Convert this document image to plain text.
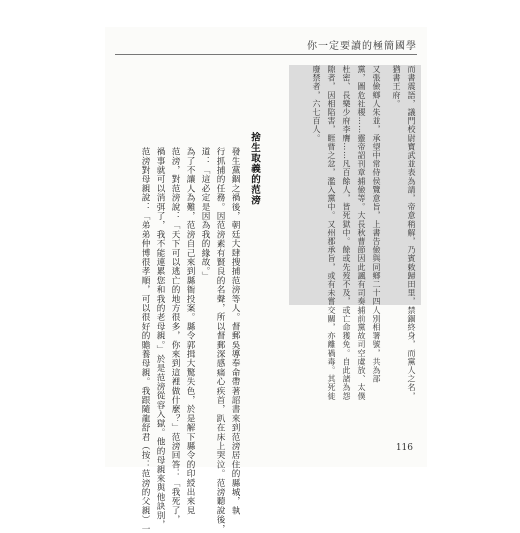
你一定要讀的極簡國學
而書震語，議門校尉寶武並表為請，帝意稍解，乃賓敕歸田里，禁錮終身，而黨人之名，
猶書王府。
又張儉鄉人朱並，承望中常侍侯覽意旨，上書告儉與同鄉二十四人別相署號，共為部
黨，圖危社稷……靈帝詔刊章捕儉等。大長秋曹節因此諷有司奏捕前黨故司空虞放、太僕
杜密、長樂少府李膺……凡百餘人，皆死獄中。餘或先歿不及，或亡命獲免。自此諸為怨
隙者，因相陷害，睚眥之忿，濫入黨中。又州郡承旨，或有未嘗交關，亦離禍毒。其死徙
廢禁者，六七百人。
捨生取義的范滂
發生黨錮之禍後，朝廷大肆搜捕范滂等人。督郵吳導奉命帶著詔書來到范滂居住的縣城，執
行抓捕的任務。因范滂素有賢良的名聲，所以督郵深感痛心疾首，趴在床上哭泣。范滂聽說後，
道：「這必定是因為我的緣故。」
為了不讓人為難，范滂自己來到縣衙投案。縣令郭揖大驚失色，於是解下縣令的印綬出來見
范滂，對范滂說：「天下可以逃亡的地方很多，你來到這裡做什麼？」范滂回答：「我死了，
禍事就可以消弭了，我不能連累您和我的老母親。」於是范滂從容入獄。他的母親來與他訣別，
范滂對母親說：「弟弟仲博很孝順，可以很好的贍養母親。我跟隨龍舒君（按：范滂的父親）一	116
